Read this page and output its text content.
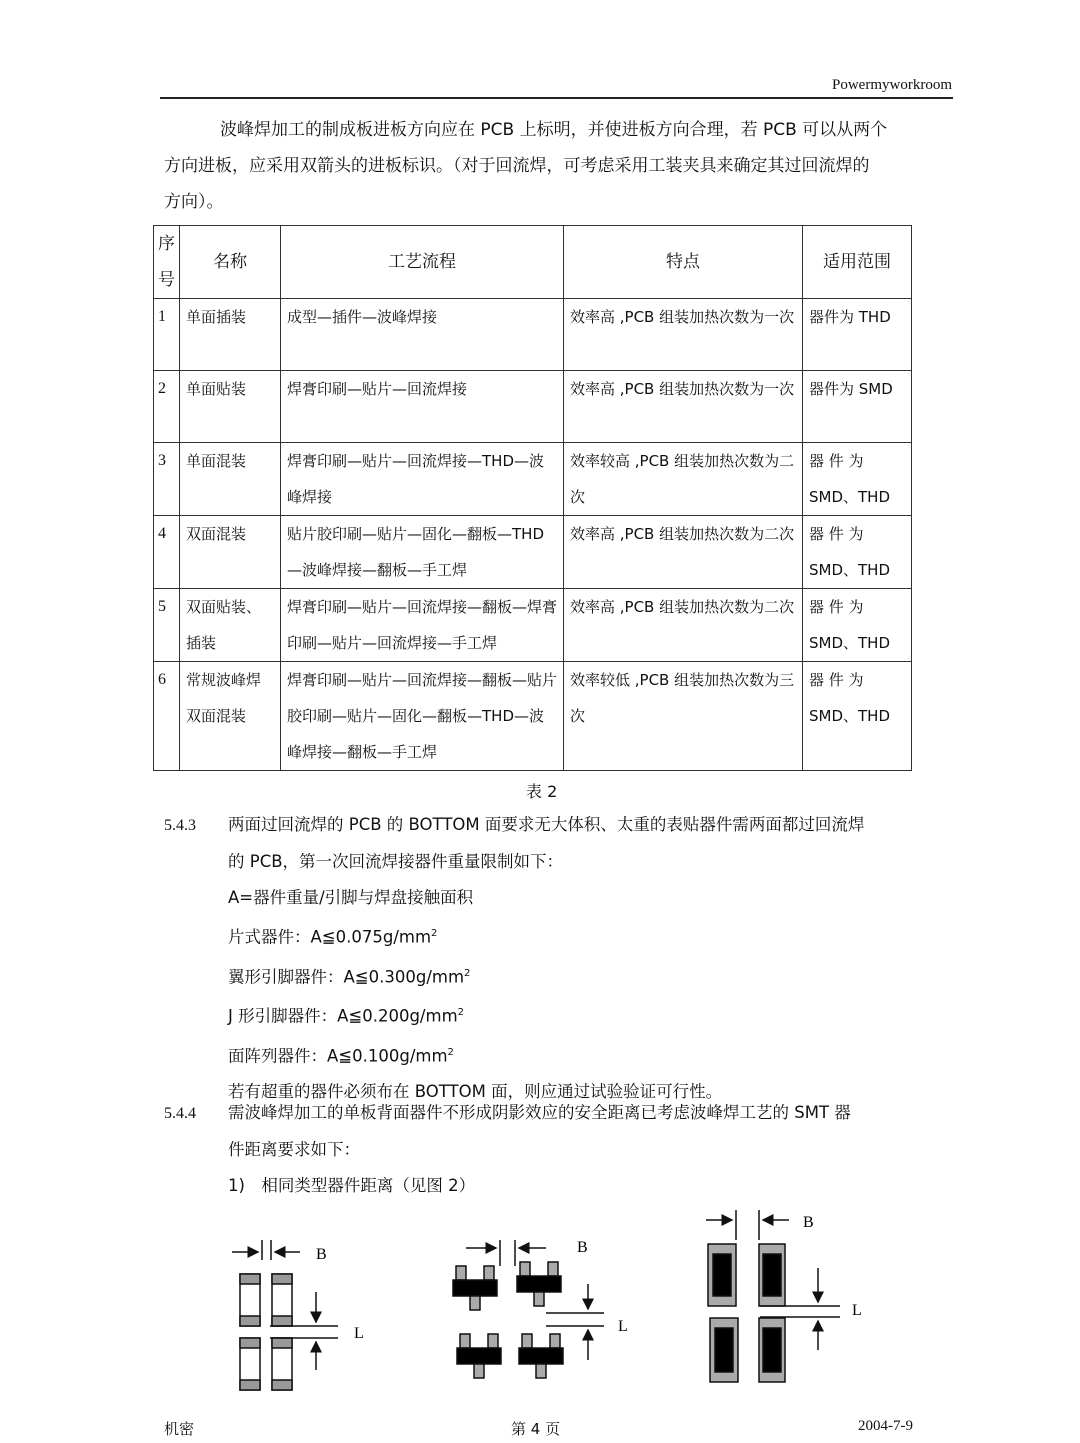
Powermyworkroom
波峰焊加工的制成板进板方向应在 PCB 上标明，并使进板方向合理，若 PCB 可以从两个
方向进板，应采用双箭头的进板标识。（对于回流焊，可考虑采用工装夹具来确定其过回流焊的
方向）。
序号	名称	工艺流程	特点	适用范围
1	单面插装	成型—插件—波峰焊接	效率高 ,PCB 组装加热次数为一次	器件为 THD
2	单面贴装	焊膏印刷—贴片—回流焊接	效率高 ,PCB 组装加热次数为一次	器件为 SMD
3	单面混装	焊膏印刷—贴片—回流焊接—THD—波峰焊接	效率较高 ,PCB 组装加热次数为二次	器 件 为 SMD、THD
4	双面混装	贴片胶印刷—贴片—固化—翻板—THD—波峰焊接—翻板—手工焊	效率高 ,PCB 组装加热次数为二次	器 件 为 SMD、THD
5	双面贴装、插装	焊膏印刷—贴片—回流焊接—翻板—焊膏印刷—贴片—回流焊接—手工焊	效率高 ,PCB 组装加热次数为二次	器 件 为 SMD、THD
6	常规波峰焊双面混装	焊膏印刷—贴片—回流焊接—翻板—贴片胶印刷—贴片—固化—翻板—THD—波峰焊接—翻板—手工焊	效率较低 ,PCB 组装加热次数为三次	器 件 为 SMD、THD
表 2
5.4.3 两面过回流焊的 PCB 的 BOTTOM 面要求无大体积、太重的表贴器件需两面都过回流焊
的 PCB，第一次回流焊接器件重量限制如下：
A=器件重量/引脚与焊盘接触面积
片式器件：$A≦0.075g/mm^2$
翼形引脚器件：$A≦0.300g/mm^2$
J 形引脚器件：$A≦0.200g/mm^2$
面阵列器件：$A≦0.100g/mm^2$
若有超重的器件必须布在 BOTTOM 面，则应通过试验验证可行性。
5.4.4 需波峰焊加工的单板背面器件不形成阴影效应的安全距离已考虑波峰焊工艺的 SMT 器
件距离要求如下：
1)　相同类型器件距离（见图 2）
B
L
B
L
B
L
机密	第 4 页	2004-7-9
